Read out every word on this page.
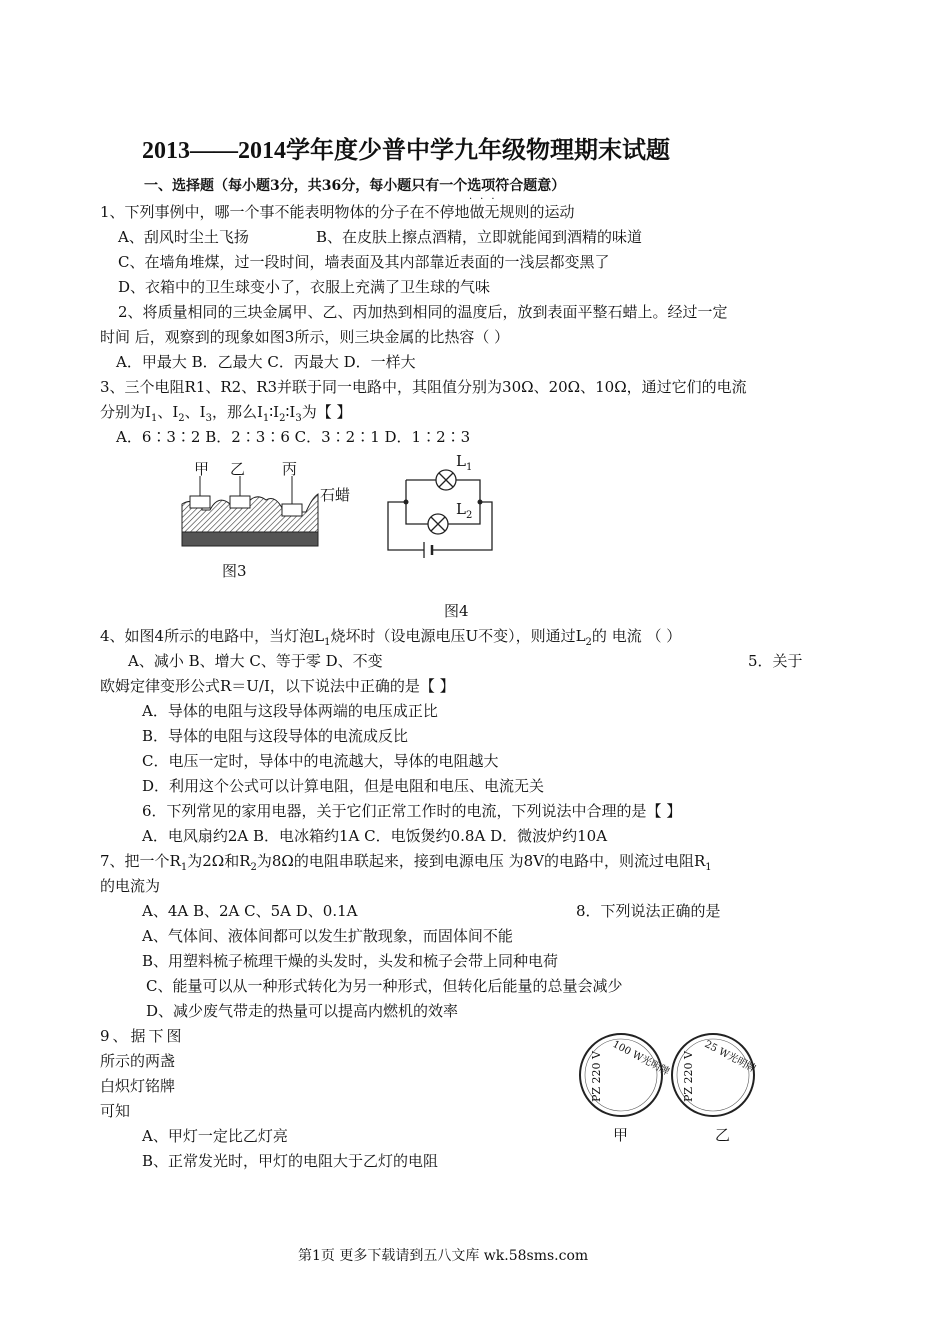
2013——2014学年度少普中学九年级物理期末试题
一、选择题（每小题3分，共36分，每小题只有一个选项符合题意）
···
1、下列事例中，哪一个事不能表明物体的分子在不停地做无规则的运动
A、刮风时尘土飞扬	B、在皮肤上擦点酒精，立即就能闻到酒精的味道
C、在墙角堆煤，过一段时间，墙表面及其内部靠近表面的一浅层都变黑了
D、衣箱中的卫生球变小了，衣服上充满了卫生球的气味
2、将质量相同的三块金属甲、乙、丙加热到相同的温度后，放到表面平整石蜡上。经过一定
时间 后，观察到的现象如图3所示，则三块金属的比热容（ ）
A．甲最大 B．乙最大 C．丙最大 D．一样大
3、三个电阻R1、R2、R3并联于同一电路中，其阻值分别为30Ω、20Ω、10Ω，通过它们的电流
分别为$I_1$、$I_2$、$I_3$，那么$I_1∶I_2∶I_3$为【 】
A．6∶3∶2 B．2∶3∶6 C．3∶2∶1 D．1∶2∶3
甲 乙 丙
石蜡
图3
$L_1$
$L_2$
图4
4、如图4所示的电路中，当灯泡$L_1$烧坏时（设电源电压U不变），则通过$L_2$的 电流 （ ）
A、减小 B、增大 C、等于零 D、不变	5．关于
欧姆定律变形公式R＝U/I，以下说法中正确的是【 】
A．导体的电阻与这段导体两端的电压成正比
B．导体的电阻与这段导体的电流成反比
C．电压一定时，导体中的电流越大，导体的电阻越大
D．利用这个公式可以计算电阻，但是电阻和电压、电流无关
6．下列常见的家用电器，关于它们正常工作时的电流，下列说法中合理的是【 】
A．电风扇约2A B．电冰箱约1A C．电饭煲约0.8A D．微波炉约10A
7、把一个$R_1$为2Ω和$R_2$为8Ω的电阻串联起来，接到电源电压 为8V的电路中，则流过电阻$R_1$
的电流为
A、4A B、2A C、5A D、0.1A	8．下列说法正确的是
A、气体间、液体间都可以发生扩散现象，而固体间不能
B、用塑料梳子梳理干燥的头发时，头发和梳子会带上同种电荷
C、能量可以从一种形式转化为另一种形式，但转化后能量的总量会减少
D、减少废气带走的热量可以提高内燃机的效率
9、据下图
所示的两盏
白炽灯铭牌
可知
A、甲灯一定比乙灯亮
B、正常发光时，甲灯的电阻大于乙灯的电阻
PZ 220 V 100 W光明牌 PZ 220 V 25 W光明牌
甲	乙
第1页 更多下载请到五八文库 wk.58sms.com
